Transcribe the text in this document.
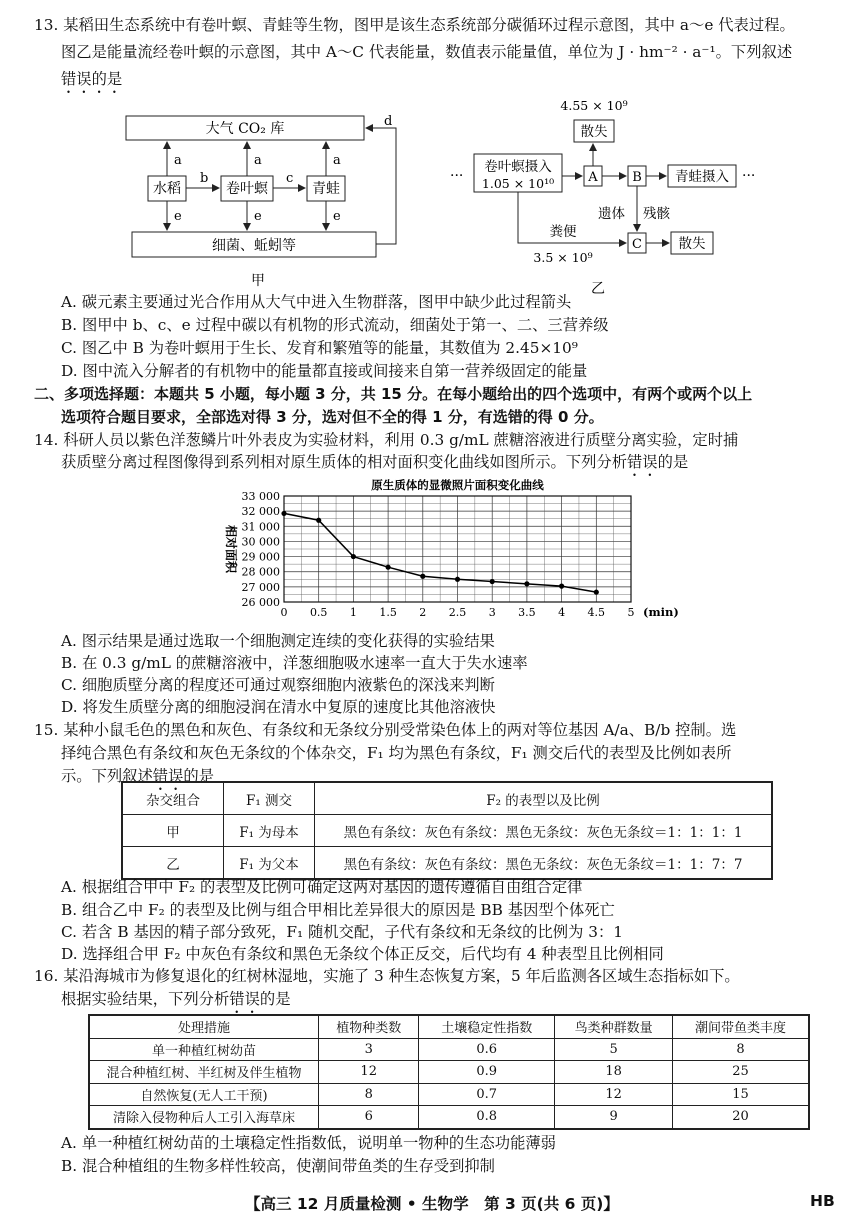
13. 某稻田生态系统中有卷叶螟、青蛙等生物，图甲是该生态系统部分碳循环过程示意图，其中 a～e 代表过程。
图乙是能量流经卷叶螟的示意图，其中 A～C 代表能量，数值表示能量值，单位为 J · hm⁻² · a⁻¹。下列叙述
错误的是
大气 CO₂ 库
细菌、蚯蚓等
水稻	卷叶螟	青蛙
a	a	a
b	c
e	e	e
d
甲
···	···
卷叶螟摄入
1.05 × 10¹⁰	A	B
C
散失
4.55 × 10⁹
青蛙摄入
遗体 残骸
粪便
3.5 × 10⁹
散失
乙
A. 碳元素主要通过光合作用从大气中进入生物群落，图甲中缺少此过程箭头
B. 图甲中 b、c、e 过程中碳以有机物的形式流动，细菌处于第一、二、三营养级
C. 图乙中 B 为卷叶螟用于生长、发育和繁殖等的能量，其数值为 2.45×10⁹
D. 图中流入分解者的有机物中的能量都直接或间接来自第一营养级固定的能量
二、多项选择题：本题共 5 小题，每小题 3 分，共 15 分。在每小题给出的四个选项中，有两个或两个以上
选项符合题目要求，全部选对得 3 分，选对但不全的得 1 分，有选错的得 0 分。
14. 科研人员以紫色洋葱鳞片叶外表皮为实验材料，利用 0.3 g/mL 蔗糖溶液进行质壁分离实验，定时捕
获质壁分离过程图像得到系列相对原生质体的相对面积变化曲线如图所示。下列分析错误的是
原生质体的显微照片面积变化曲线
26 000
27 000
28 000
29 000
30 000
31 000
32 000
33 000
0 0.5 1 1.5 2 2.5 3 3.5 4 4.5 5 (min)
相对面积
A. 图示结果是通过选取一个细胞测定连续的变化获得的实验结果
B. 在 0.3 g/mL 的蔗糖溶液中，洋葱细胞吸水速率一直大于失水速率
C. 细胞质壁分离的程度还可通过观察细胞内液紫色的深浅来判断
D. 将发生质壁分离的细胞浸润在清水中复原的速度比其他溶液快
15. 某种小鼠毛色的黑色和灰色、有条纹和无条纹分别受常染色体上的两对等位基因 A/a、B/b 控制。选
择纯合黑色有条纹和灰色无条纹的个体杂交，F₁ 均为黑色有条纹，F₁ 测交后代的表型及比例如表所
示。下列叙述错误的是
杂交组合	F₁ 测交	F₂ 的表型以及比例
甲	F₁ 为母本	黑色有条纹：灰色有条纹：黑色无条纹：灰色无条纹＝1：1：1：1
乙	F₁ 为父本	黑色有条纹：灰色有条纹：黑色无条纹：灰色无条纹＝1：1：7：7
A. 根据组合甲中 F₂ 的表型及比例可确定这两对基因的遗传遵循自由组合定律
B. 组合乙中 F₂ 的表型及比例与组合甲相比差异很大的原因是 BB 基因型个体死亡
C. 若含 B 基因的精子部分致死，F₁ 随机交配，子代有条纹和无条纹的比例为 3：1
D. 选择组合甲 F₂ 中灰色有条纹和黑色无条纹个体正反交，后代均有 4 种表型且比例相同
16. 某沿海城市为修复退化的红树林湿地，实施了 3 种生态恢复方案，5 年后监测各区域生态指标如下。
根据实验结果，下列分析错误的是
处理措施	植物种类数	土壤稳定性指数	鸟类种群数量	潮间带鱼类丰度
单一种植红树幼苗	3	0.6	5	8
混合种植红树、半红树及伴生植物	12	0.9	18	25
自然恢复(无人工干预)	8	0.7	12	15
清除入侵物种后人工引入海草床	6	0.8	9	20
A. 单一种植红树幼苗的土壤稳定性指数低，说明单一物种的生态功能薄弱
B. 混合种植组的生物多样性较高，使潮间带鱼类的生存受到抑制
【高三 12 月质量检测 • 生物学　第 3 页(共 6 页)】	HB
